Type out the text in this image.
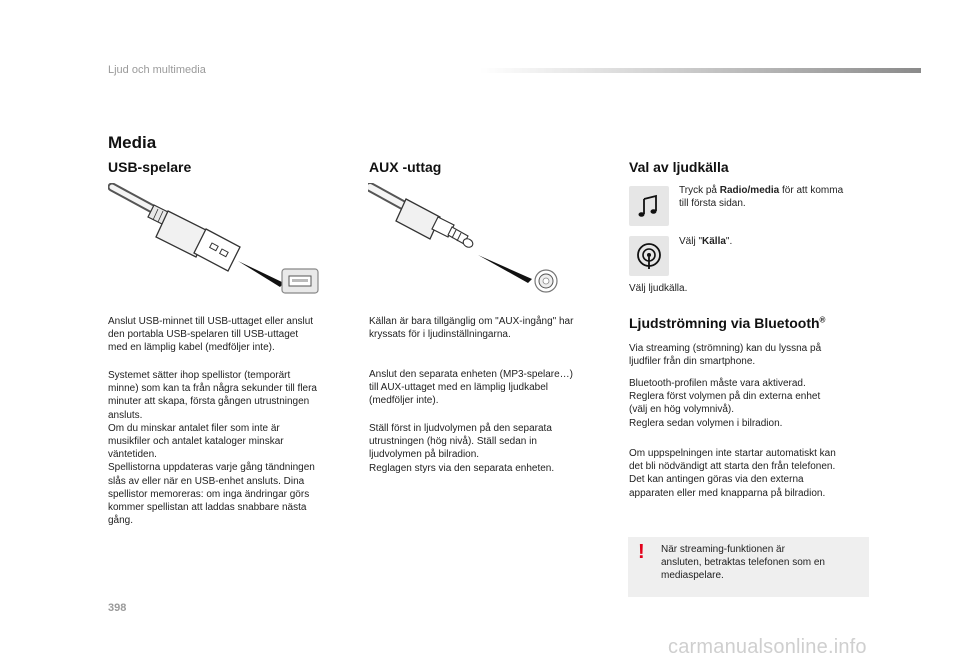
Ljud och multimedia
Media
USB-spelare
Anslut USB-minnet till USB-uttaget eller anslut
den portabla USB-spelaren till USB-uttaget
med en lämplig kabel (medföljer inte).
Systemet sätter ihop spellistor (temporärt
minne) som kan ta från några sekunder till flera
minuter att skapa, första gången utrustningen
ansluts.
Om du minskar antalet filer som inte är
musikfiler och antalet kataloger minskar
väntetiden.
Spellistorna uppdateras varje gång tändningen
slås av eller när en USB-enhet ansluts. Dina
spellistor memoreras: om inga ändringar görs
kommer spellistan att laddas snabbare nästa
gång.
AUX -uttag
Källan är bara tillgänglig om "AUX-ingång" har
kryssats för i ljudinställningarna.
Anslut den separata enheten (MP3-spelare…)
till AUX-uttaget med en lämplig ljudkabel
(medföljer inte).
Ställ först in ljudvolymen på den separata
utrustningen (hög nivå). Ställ sedan in
ljudvolymen på bilradion.
Reglagen styrs via den separata enheten.
Val av ljudkälla
Tryck på Radio/media för att komma
till första sidan.
Välj "Källa".
Välj ljudkälla.
Ljudströmning via Bluetooth®
Via streaming (strömning) kan du lyssna på
ljudfiler från din smartphone.
Bluetooth-profilen måste vara aktiverad.
Reglera först volymen på din externa enhet
(välj en hög volymnivå).
Reglera sedan volymen i bilradion.
Om uppspelningen inte startar automatiskt kan
det bli nödvändigt att starta den från telefonen.
Det kan antingen göras via den externa
apparaten eller med knapparna på bilradion.
! När streaming-funktionen är
ansluten, betraktas telefonen som en
mediaspelare.
398
carmanualsonline.info
